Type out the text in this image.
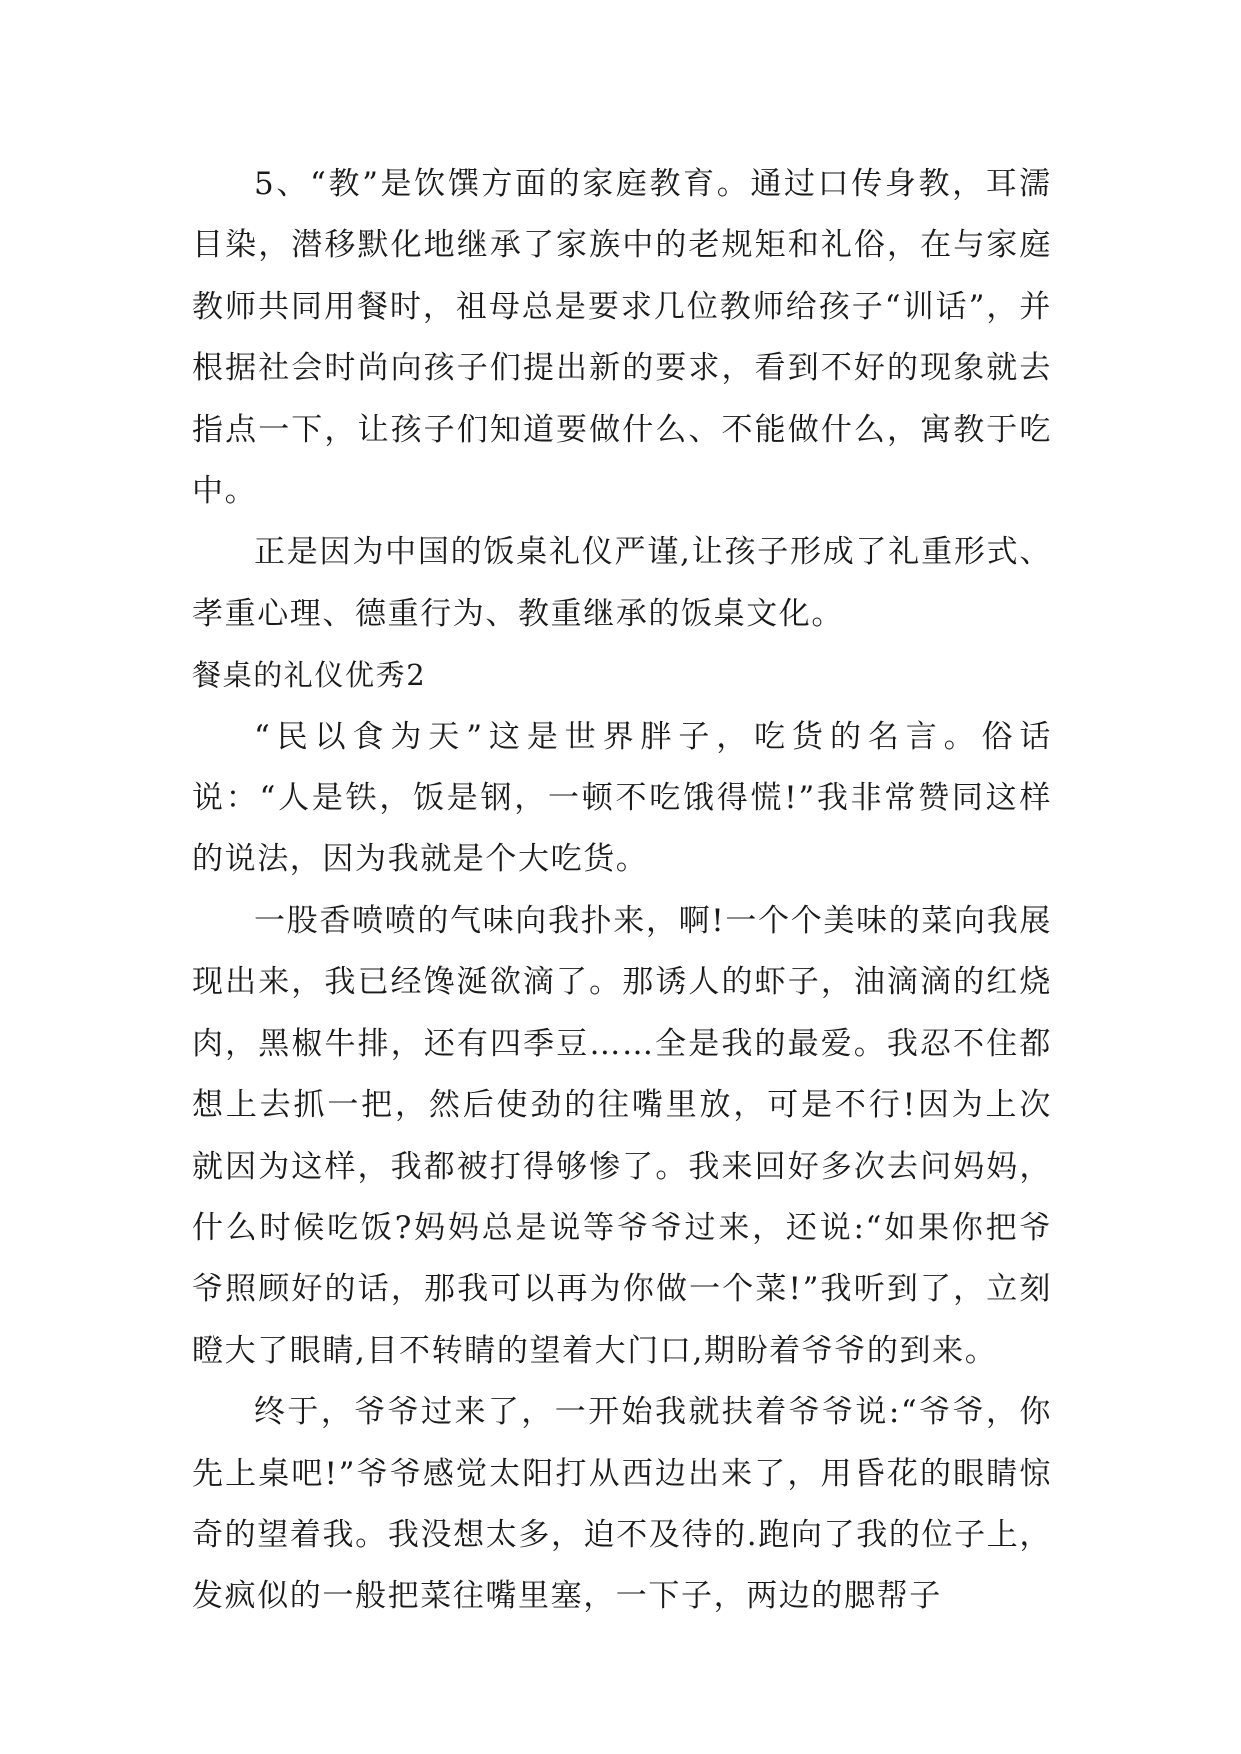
5、“教”是饮馔方面的家庭教育。通过口传身教，耳濡目染，潜移默化地继承了家族中的老规矩和礼俗，在与家庭教师共同用餐时，祖母总是要求几位教师给孩子“训话”，并根据社会时尚向孩子们提出新的要求，看到不好的现象就去指点一下，让孩子们知道要做什么、不能做什么，寓教于吃中。

正是因为中国的饭桌礼仪严谨,让孩子形成了礼重形式、孝重心理、德重行为、教重继承的饭桌文化。

餐桌的礼仪优秀2

“民以食为天”这是世界胖子，吃货的名言。俗话说：“人是铁，饭是钢，一顿不吃饿得慌!”我非常赞同这样的说法，因为我就是个大吃货。

一股香喷喷的气味向我扑来，啊!一个个美味的菜向我展现出来，我已经馋涎欲滴了。那诱人的虾子，油滴滴的红烧肉，黑椒牛排，还有四季豆……全是我的最爱。我忍不住都想上去抓一把，然后使劲的往嘴里放，可是不行!因为上次就因为这样，我都被打得够惨了。我来回好多次去问妈妈，什么时候吃饭?妈妈总是说等爷爷过来，还说:“如果你把爷爷照顾好的话，那我可以再为你做一个菜!”我听到了，立刻瞪大了眼睛,目不转睛的望着大门口,期盼着爷爷的到来。

终于，爷爷过来了，一开始我就扶着爷爷说:“爷爷，你先上桌吧!”爷爷感觉太阳打从西边出来了，用昏花的眼睛惊奇的望着我。我没想太多，迫不及待的.跑向了我的位子上，发疯似的一般把菜往嘴里塞，一下子，两边的腮帮子
